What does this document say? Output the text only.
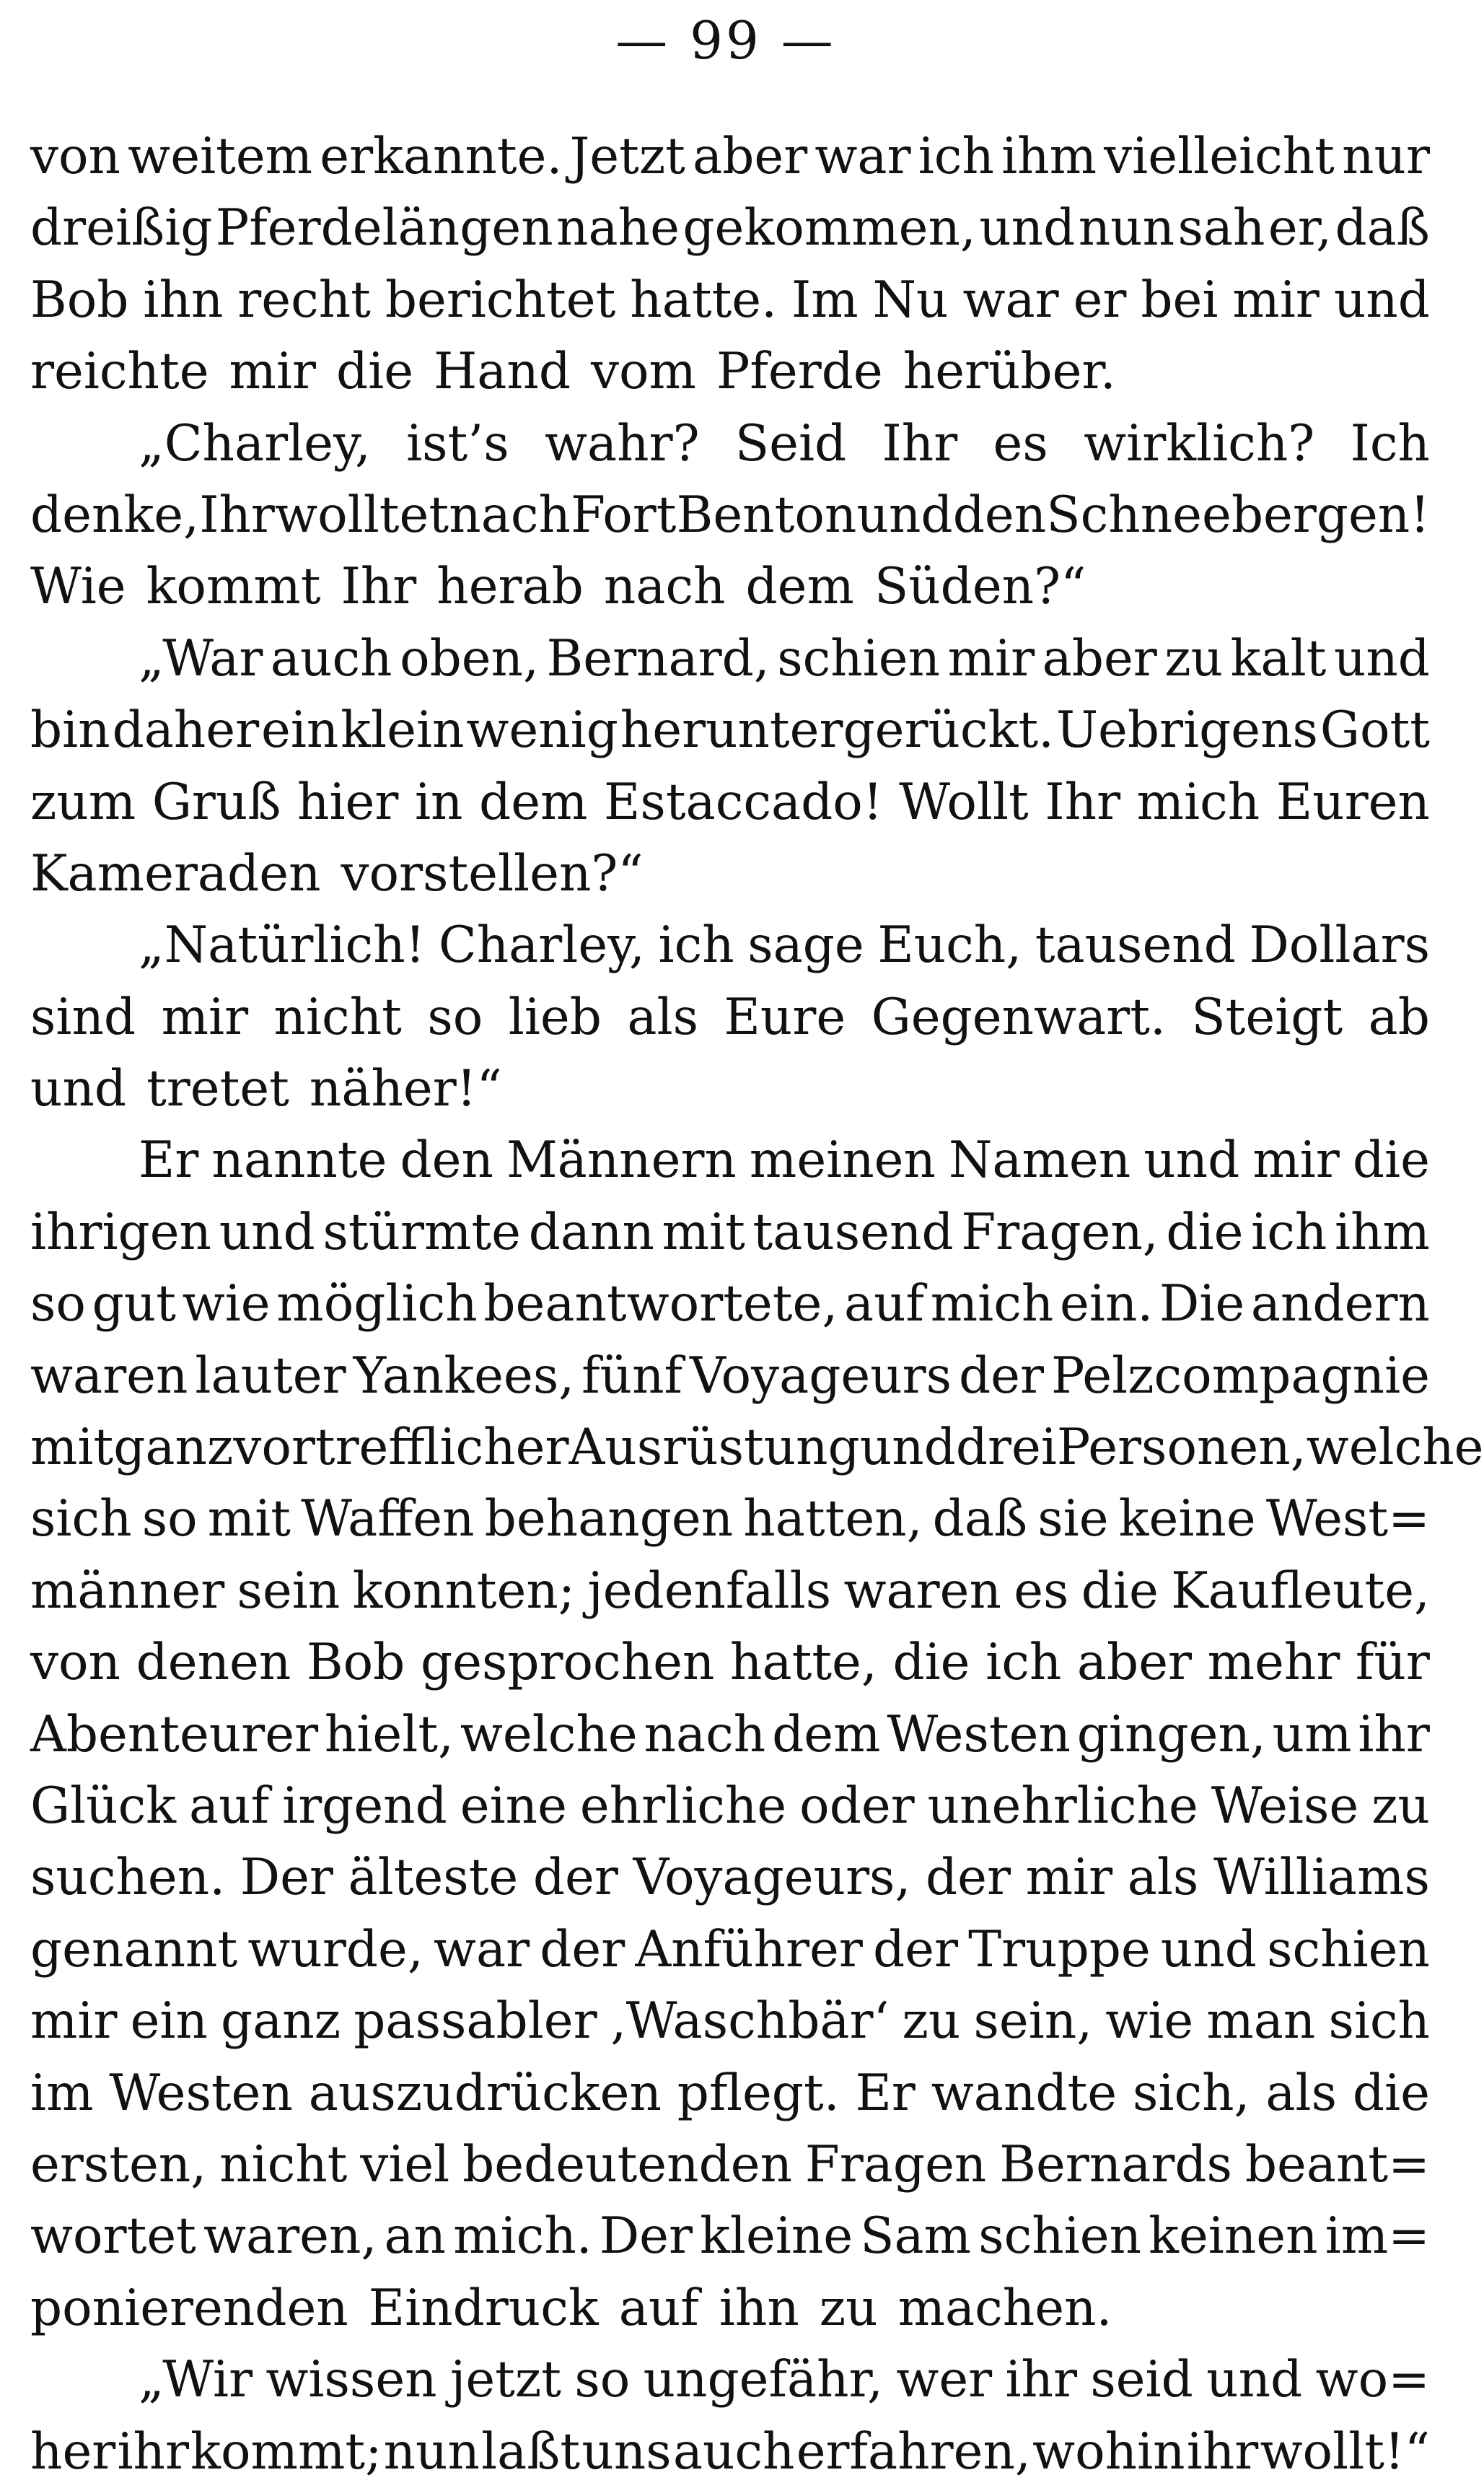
— 99 —
von weitem erkannte. Jetzt aber war ich ihm vielleicht nur
dreißig Pferdelängen nahe gekommen, und nun sah er, daß
Bob ihn recht berichtet hatte. Im Nu war er bei mir und
reichte mir die Hand vom Pferde herüber.
„Charley, ist’s wahr? Seid Ihr es wirklich? Ich
denke, Ihr wolltet nach Fort Benton und den Schneebergen!
Wie kommt Ihr herab nach dem Süden?“
„War auch oben, Bernard, schien mir aber zu kalt und
bin daher ein klein wenig heruntergerückt. Uebrigens Gott
zum Gruß hier in dem Estaccado! Wollt Ihr mich Euren
Kameraden vorstellen?“
„Natürlich! Charley, ich sage Euch, tausend Dollars
sind mir nicht so lieb als Eure Gegenwart. Steigt ab
und tretet näher!“
Er nannte den Männern meinen Namen und mir die
ihrigen und stürmte dann mit tausend Fragen, die ich ihm
so gut wie möglich beantwortete, auf mich ein. Die andern
waren lauter Yankees, fünf Voyageurs der Pelzcompagnie
mit ganz vortrefflicher Ausrüstung und drei Personen, welche
sich so mit Waffen behangen hatten, daß sie keine West=
männer sein konnten; jedenfalls waren es die Kaufleute,
von denen Bob gesprochen hatte, die ich aber mehr für
Abenteurer hielt, welche nach dem Westen gingen, um ihr
Glück auf irgend eine ehrliche oder unehrliche Weise zu
suchen. Der älteste der Voyageurs, der mir als Williams
genannt wurde, war der Anführer der Truppe und schien
mir ein ganz passabler ‚Waschbär‘ zu sein, wie man sich
im Westen auszudrücken pflegt. Er wandte sich, als die
ersten, nicht viel bedeutenden Fragen Bernards beant=
wortet waren, an mich. Der kleine Sam schien keinen im=
ponierenden Eindruck auf ihn zu machen.
„Wir wissen jetzt so ungefähr, wer ihr seid und wo=
her ihr kommt; nun laßt uns auch erfahren, wohin ihr wollt!“
